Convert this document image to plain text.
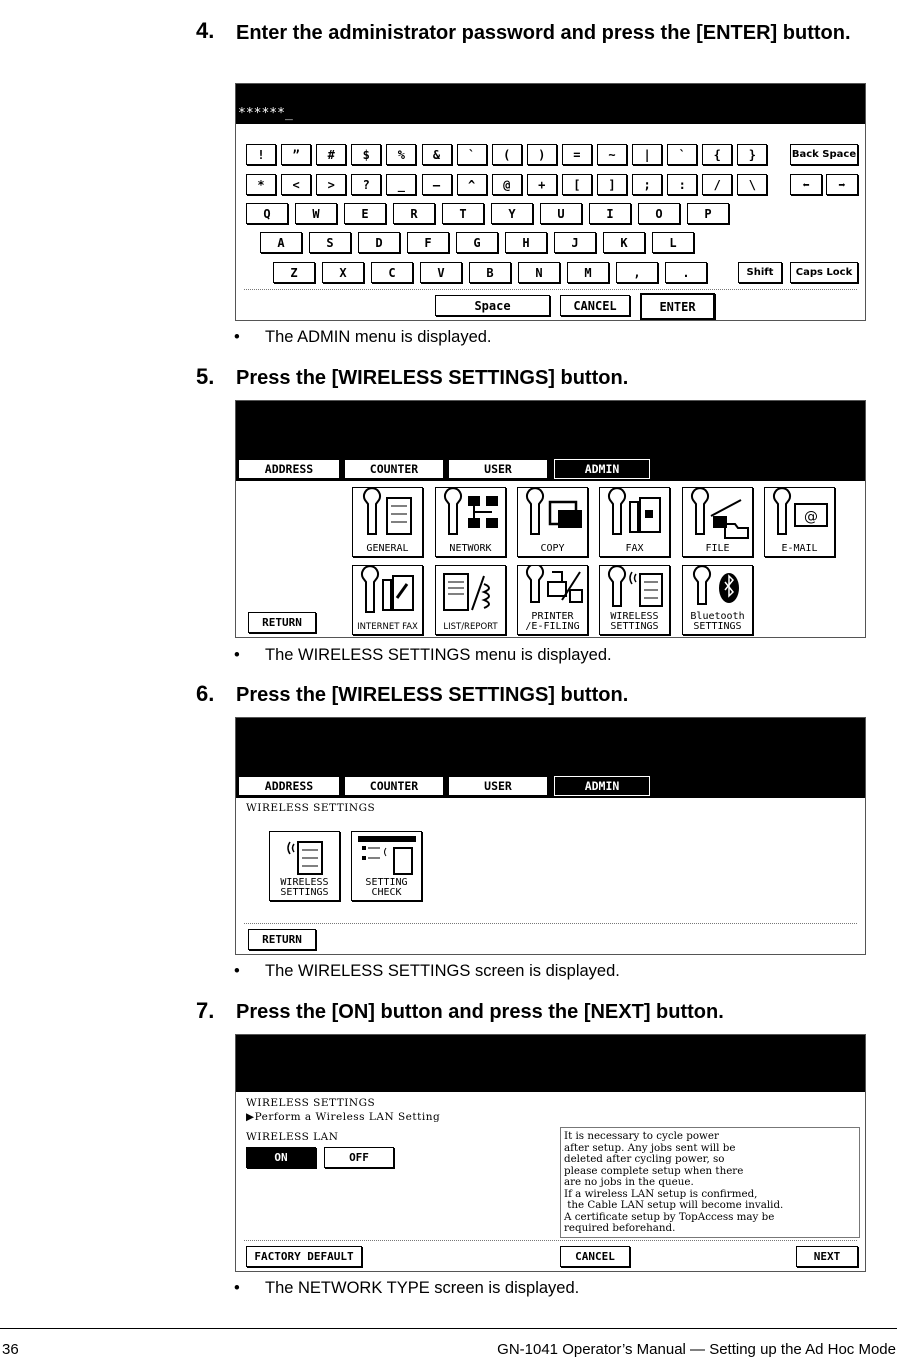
4. Enter the administrator password and press the [ENTER] button.
******_
!	”	#	$	%	&	`	(	)	=	~	|	`	{	}
*	<	>	?	_	—	^	@	+	[	]	;	:	/	\
Q	W	E	R	T	Y	U	I	O	P
A	S	D	F	G	H	J	K	L
Z	X	C	V	B	N	M	,	.
Back Space
⬅ ➡
Shift	Caps Lock
Space	CANCEL	ENTER
• The ADMIN menu is displayed.
5. Press the [WIRELESS SETTINGS] button.
ADDRESS	COUNTER	USER	ADMIN
GENERAL	NETWORK	COPY	FAX	FILE
@
E-MAIL
RETURN	INTERNET FAX	LIST/REPORT
PRINTER
/E-FILING
WIRELESS
SETTINGS
Bluetooth
SETTINGS
• The WIRELESS SETTINGS menu is displayed.
6. Press the [WIRELESS SETTINGS] button.
ADDRESS	COUNTER	USER	ADMIN
WIRELESS SETTINGS
WIRELESS
SETTINGS
SETTING
CHECK
RETURN
• The WIRELESS SETTINGS screen is displayed.
7. Press the [ON] button and press the [NEXT] button.
WIRELESS SETTINGS
▶Perform a Wireless LAN Setting
WIRELESS LAN
ON	OFF
It is necessary to cycle power
after setup. Any jobs sent will be
deleted after cycling power, so
please complete setup when there
are no jobs in the queue.
If a wireless LAN setup is confirmed,
the Cable LAN setup will become invalid.
A certificate setup by TopAccess may be
required beforehand.
FACTORY DEFAULT	CANCEL	NEXT
• The NETWORK TYPE screen is displayed.
36	GN-1041 Operator’s Manual — Setting up the Ad Hoc Mode
